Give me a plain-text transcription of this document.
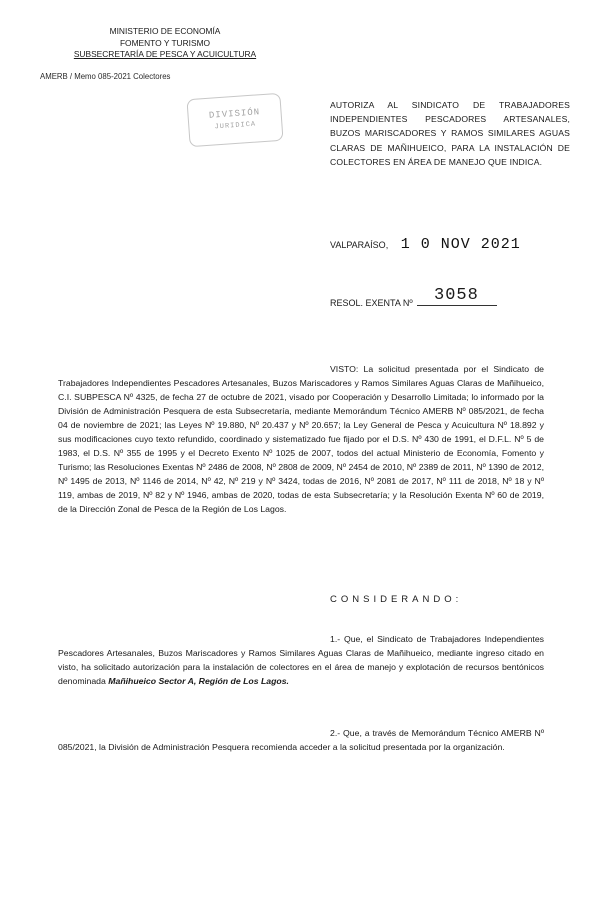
MINISTERIO DE ECONOMÍA
FOMENTO Y TURISMO
SUBSECRETARÍA DE PESCA Y ACUICULTURA
AMERB / Memo 085-2021 Colectores
DIVISIÓN
JURIDICA
AUTORIZA AL SINDICATO DE TRABAJADORES INDEPENDIENTES PESCADORES ARTESANALES, BUZOS MARISCADORES Y RAMOS SIMILARES AGUAS CLARAS DE MAÑIHUEICO, PARA LA INSTALACIÓN DE COLECTORES EN ÁREA DE MANEJO QUE INDICA.
VALPARAÍSO, 1 0 NOV 2021
RESOL. EXENTA Nº 3058
VISTO: La solicitud presentada por el Sindicato de Trabajadores Independientes Pescadores Artesanales, Buzos Mariscadores y Ramos Similares Aguas Claras de Mañihueico, C.I. SUBPESCA Nº 4325, de fecha 27 de octubre de 2021, visado por Cooperación y Desarrollo Limitada; lo informado por la División de Administración Pesquera de esta Subsecretaría, mediante Memorándum Técnico AMERB Nº 085/2021, de fecha 04 de noviembre de 2021; las Leyes Nº 19.880, Nº 20.437 y Nº 20.657; la Ley General de Pesca y Acuicultura Nº 18.892 y sus modificaciones cuyo texto refundido, coordinado y sistematizado fue fijado por el D.S. Nº 430 de 1991, el D.F.L. Nº 5 de 1983, el D.S. Nº 355 de 1995 y el Decreto Exento Nº 1025 de 2007, todos del actual Ministerio de Economía, Fomento y Turismo; las Resoluciones Exentas Nº 2486 de 2008, Nº 2808 de 2009, Nº 2454 de 2010, Nº 2389 de 2011, Nº 1390 de 2012, Nº 1495 de 2013, Nº 1146 de 2014, Nº 42, Nº 219 y Nº 3424, todas de 2016, Nº 2081 de 2017, Nº 111 de 2018, Nº 18 y Nº 119, ambas de 2019, Nº 82 y Nº 1946, ambas de 2020, todas de esta Subsecretaría; y la Resolución Exenta Nº 60 de 2019, de la Dirección Zonal de Pesca de la Región de Los Lagos.
CONSIDERANDO:
1.- Que, el Sindicato de Trabajadores Independientes Pescadores Artesanales, Buzos Mariscadores y Ramos Similares Aguas Claras de Mañihueico, mediante ingreso citado en visto, ha solicitado autorización para la instalación de colectores en el área de manejo y explotación de recursos bentónicos denominada Mañihueico Sector A, Región de Los Lagos.
2.- Que, a través de Memorándum Técnico AMERB Nº 085/2021, la División de Administración Pesquera recomienda acceder a la solicitud presentada por la organización.
